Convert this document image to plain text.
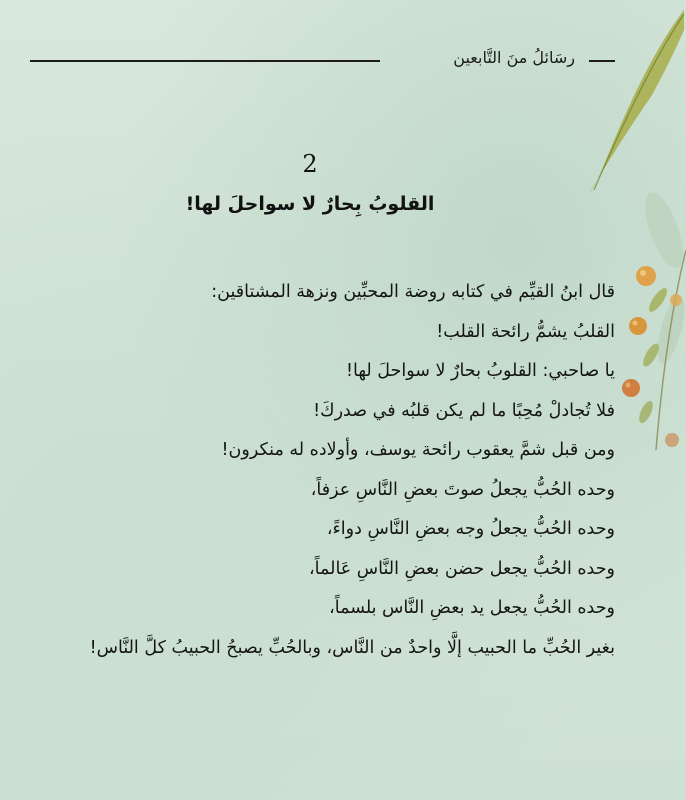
رسَائلُ منَ التَّابعين
2
القلوبُ بِحارٌ لا سواحلَ لها!
قال ابنُ القيِّم في كتابه روضة المحبِّين ونزهة المشتاقين:
القلبُ يشمُّ رائحة القلب!
يا صاحبي: القلوبُ بحارٌ لا سواحلَ لها!
فلا تُجادلْ مُحِبًا ما لم يكن قلبُه في صدركَ!
ومن قبل شمَّ يعقوب رائحة يوسف، وأولاده له منكرون!
وحده الحُبُّ يجعلُ صوتَ بعضِ النَّاسِ عزفاً،
وحده الحُبُّ يجعلُ وجه بعضِ النَّاسِ دواءً،
وحده الحُبُّ يجعل حضن بعضِ النَّاسِ عَالماً،
وحده الحُبُّ يجعل يد بعضِ النَّاس بلسماً،
بغير الحُبِّ ما الحبيب إلَّا واحدٌ من النَّاس، وبالحُبِّ يصبحُ الحبيبُ كلَّ النَّاس!
